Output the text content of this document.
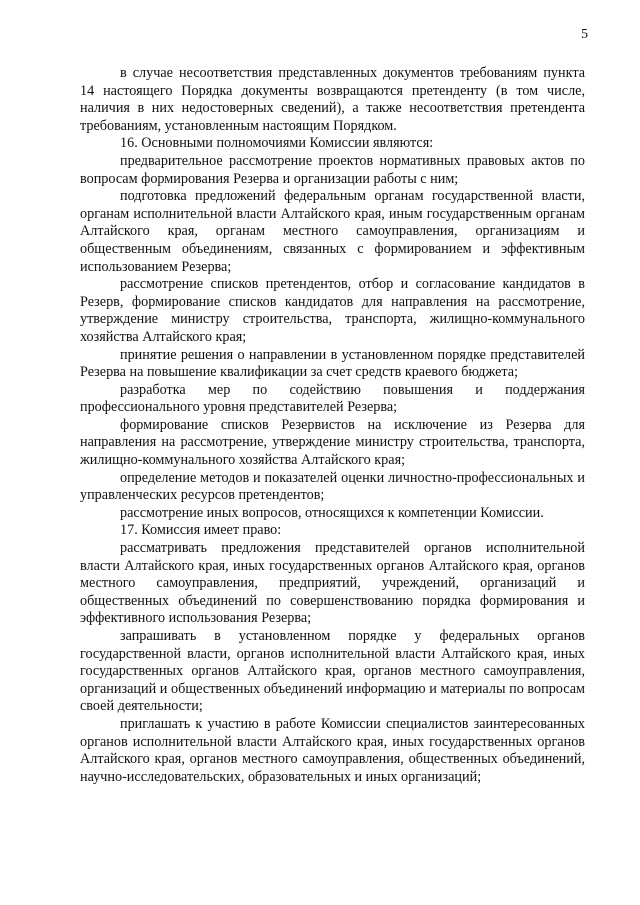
5

в случае несоответствия представленных документов требованиям пункта 14 настоящего Порядка документы возвращаются претенденту (в том числе, наличия в них недостоверных сведений), а также несоответствия претендента требованиям, установленным настоящим Порядком.

16. Основными полномочиями Комиссии являются:

предварительное рассмотрение проектов нормативных правовых актов по вопросам формирования Резерва и организации работы с ним;

подготовка предложений федеральным органам государственной власти, органам исполнительной власти Алтайского края, иным государственным органам Алтайского края, органам местного самоуправления, организациям и общественным объединениям, связанных с формированием и эффективным использованием Резерва;

рассмотрение списков претендентов, отбор и согласование кандидатов в Резерв, формирование списков кандидатов для направления на рассмотрение, утверждение министру строительства, транспорта, жилищно-коммунального хозяйства Алтайского края;

принятие решения о направлении в установленном порядке представителей Резерва на повышение квалификации за счет средств краевого бюджета;

разработка мер по содействию повышения и поддержания профессионального уровня представителей Резерва;

формирование списков Резервистов на исключение из Резерва для направления на рассмотрение, утверждение министру строительства, транспорта, жилищно-коммунального хозяйства Алтайского края;

определение методов и показателей оценки личностно-профессиональных и управленческих ресурсов претендентов;

рассмотрение иных вопросов, относящихся к компетенции Комиссии.

17. Комиссия имеет право:

рассматривать предложения представителей органов исполнительной власти Алтайского края, иных государственных органов Алтайского края, органов местного самоуправления, предприятий, учреждений, организаций и общественных объединений по совершенствованию порядка формирования и эффективного использования Резерва;

запрашивать в установленном порядке у федеральных органов государственной власти, органов исполнительной власти Алтайского края, иных государственных органов Алтайского края, органов местного самоуправления, организаций и общественных объединений информацию и материалы по вопросам своей деятельности;

приглашать к участию в работе Комиссии специалистов заинтересованных органов исполнительной власти Алтайского края, иных государственных органов Алтайского края, органов местного самоуправления, общественных объединений, научно-исследовательских, образовательных и иных организаций;
